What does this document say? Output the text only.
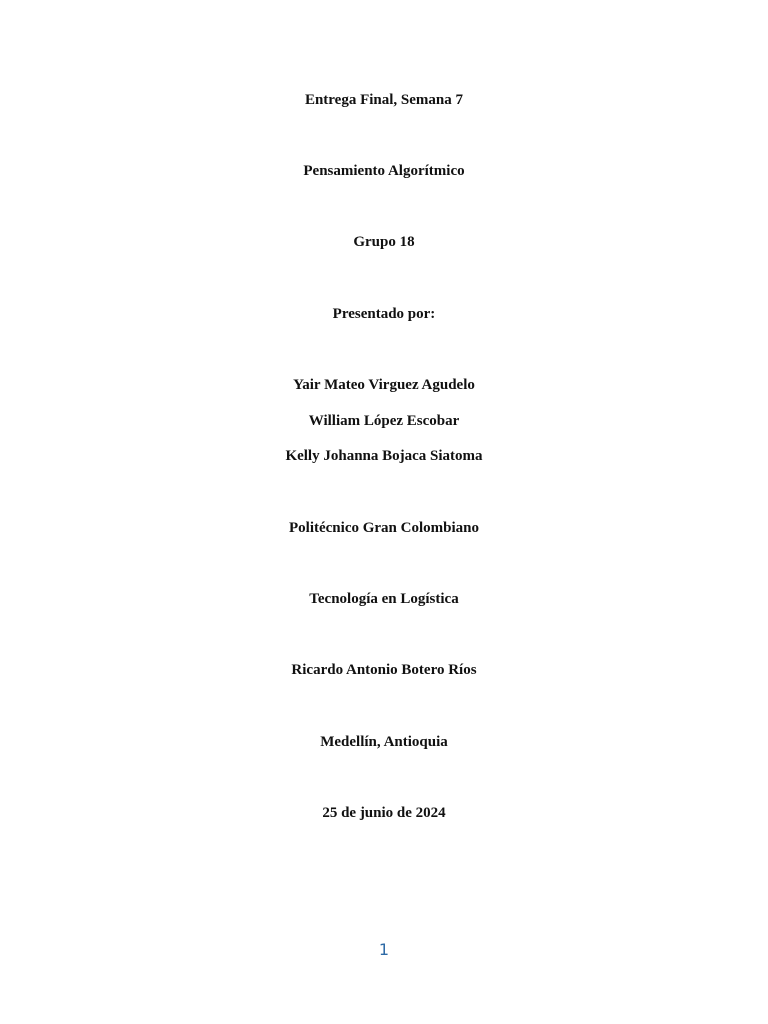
Entrega Final, Semana 7
Pensamiento Algorítmico
Grupo 18
Presentado por:
Yair Mateo Virguez Agudelo
William López Escobar
Kelly Johanna Bojaca Siatoma
Politécnico Gran Colombiano
Tecnología en Logística
Ricardo Antonio Botero Ríos
Medellín, Antioquia
25 de junio de 2024
1
